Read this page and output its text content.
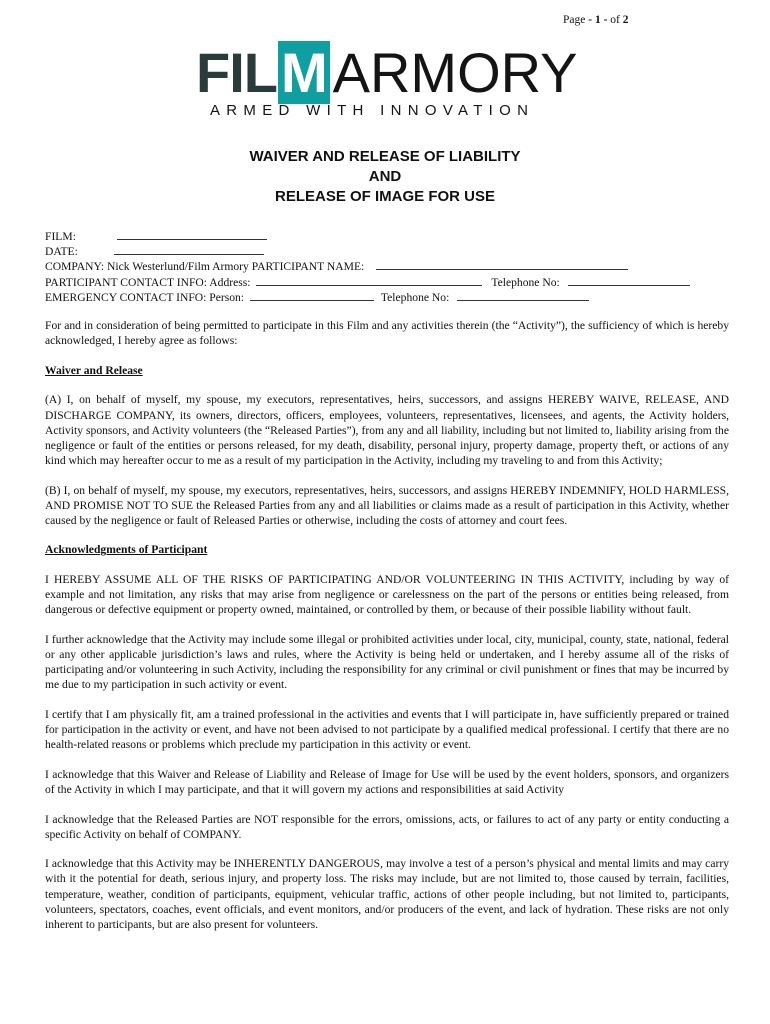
Page - 1 - of 2
FILM ARMORY
ARMED WITH INNOVATION
WAIVER AND RELEASE OF LIABILITY
AND
RELEASE OF IMAGE FOR USE
FILM:
DATE:
COMPANY: Nick Westerlund/Film Armory PARTICIPANT NAME:
PARTICIPANT CONTACT INFO: Address:	Telephone No:
EMERGENCY CONTACT INFO: Person:	Telephone No:

For and in consideration of being permitted to participate in this Film and any activities therein (the “Activity”), the sufficiency of which is hereby acknowledged, I hereby agree as follows:

Waiver and Release

(A) I, on behalf of myself, my spouse, my executors, representatives, heirs, successors, and assigns HEREBY WAIVE, RELEASE, AND DISCHARGE COMPANY, its owners, directors, officers, employees, volunteers, representatives, licensees, and agents, the Activity holders, Activity sponsors, and Activity volunteers (the “Released Parties”), from any and all liability, including but not limited to, liability arising from the negligence or fault of the entities or persons released, for my death, disability, personal injury, property damage, property theft, or actions of any kind which may hereafter occur to me as a result of my participation in the Activity, including my traveling to and from this Activity;

(B) I, on behalf of myself, my spouse, my executors, representatives, heirs, successors, and assigns HEREBY INDEMNIFY, HOLD HARMLESS, AND PROMISE NOT TO SUE the Released Parties from any and all liabilities or claims made as a result of participation in this Activity, whether caused by the negligence or fault of Released Parties or otherwise, including the costs of attorney and court fees.

Acknowledgments of Participant

I HEREBY ASSUME ALL OF THE RISKS OF PARTICIPATING AND/OR VOLUNTEERING IN THIS ACTIVITY, including by way of example and not limitation, any risks that may arise from negligence or carelessness on the part of the persons or entities being released, from dangerous or defective equipment or property owned, maintained, or controlled by them, or because of their possible liability without fault.

I further acknowledge that the Activity may include some illegal or prohibited activities under local, city, municipal, county, state, national, federal or any other applicable jurisdiction’s laws and rules, where the Activity is being held or undertaken, and I hereby assume all of the risks of participating and/or volunteering in such Activity, including the responsibility for any criminal or civil punishment or fines that may be incurred by me due to my participation in such activity or event.

I certify that I am physically fit, am a trained professional in the activities and events that I will participate in, have sufficiently prepared or trained for participation in the activity or event, and have not been advised to not participate by a qualified medical professional. I certify that there are no health-related reasons or problems which preclude my participation in this activity or event.

I acknowledge that this Waiver and Release of Liability and Release of Image for Use will be used by the event holders, sponsors, and organizers of the Activity in which I may participate, and that it will govern my actions and responsibilities at said Activity

I acknowledge that the Released Parties are NOT responsible for the errors, omissions, acts, or failures to act of any party or entity conducting a specific Activity on behalf of COMPANY.

I acknowledge that this Activity may be INHERENTLY DANGEROUS, may involve a test of a person’s physical and mental limits and may carry with it the potential for death, serious injury, and property loss. The risks may include, but are not limited to, those caused by terrain, facilities, temperature, weather, condition of participants, equipment, vehicular traffic, actions of other people including, but not limited to, participants, volunteers, spectators, coaches, event officials, and event monitors, and/or producers of the event, and lack of hydration. These risks are not only inherent to participants, but are also present for volunteers.
